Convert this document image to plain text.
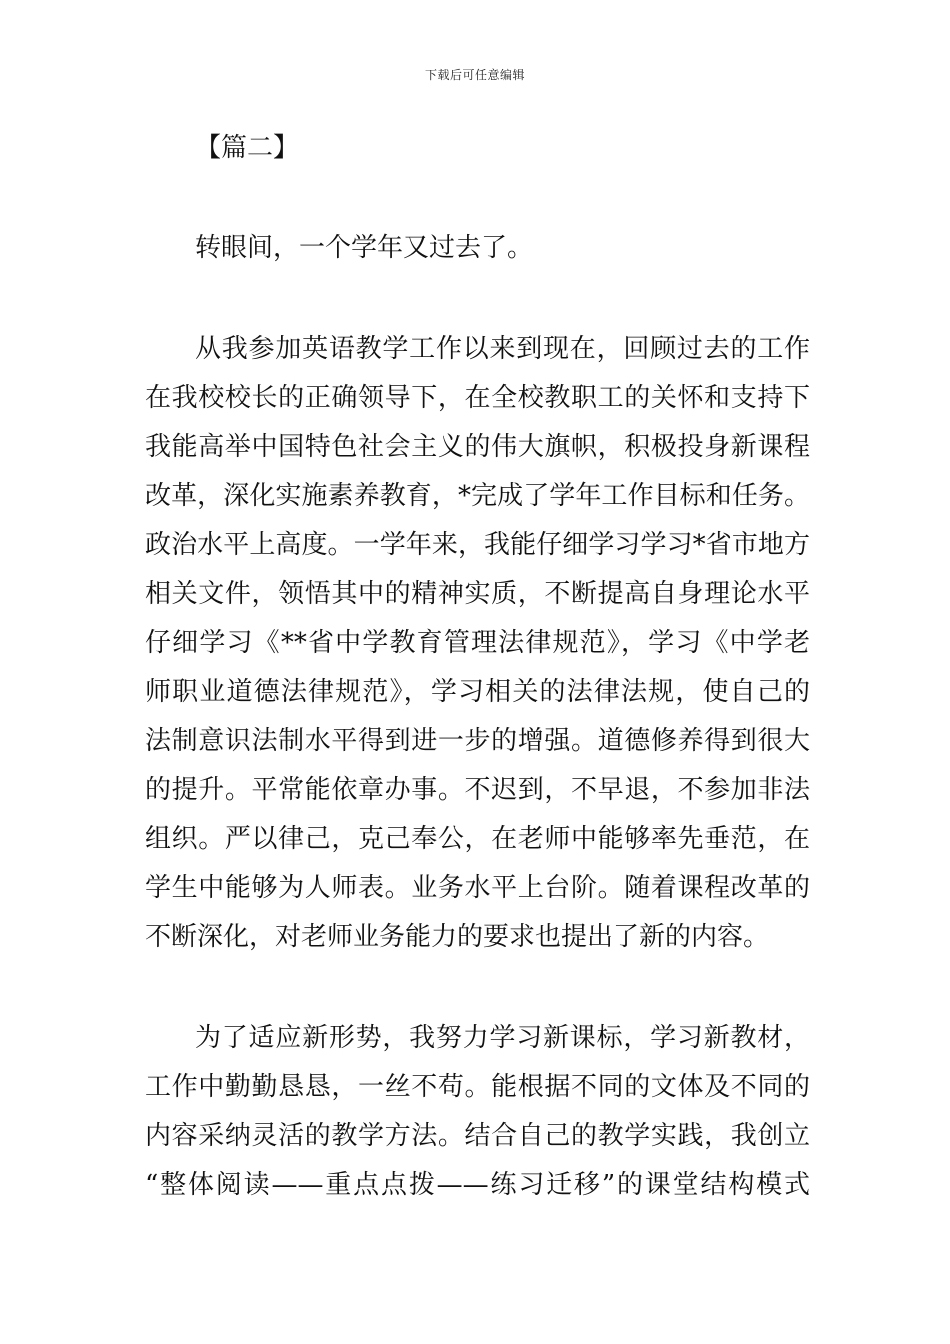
下载后可任意编辑
【篇二】
转眼间，一个学年又过去了。
从我参加英语教学工作以来到现在，回顾过去的工作
在我校校长的正确领导下，在全校教职工的关怀和支持下
我能高举中国特色社会主义的伟大旗帜，积极投身新课程
改革，深化实施素养教育，*完成了学年工作目标和任务。
政治水平上高度。一学年来，我能仔细学习学习*省市地方
相关文件，领悟其中的精神实质，不断提高自身理论水平
仔细学习《**省中学教育管理法律规范》，学习《中学老
师职业道德法律规范》，学习相关的法律法规，使自己的
法制意识法制水平得到进一步的增强。道德修养得到很大
的提升。平常能依章办事。不迟到，不早退，不参加非法
组织。严以律己，克己奉公，在老师中能够率先垂范，在
学生中能够为人师表。业务水平上台阶。随着课程改革的
不断深化，对老师业务能力的要求也提出了新的内容。
为了适应新形势，我努力学习新课标，学习新教材，
工作中勤勤恳恳，一丝不苟。能根据不同的文体及不同的
内容采纳灵活的教学方法。结合自己的教学实践，我创立
“整体阅读——重点点拨——练习迁移”的课堂结构模式
